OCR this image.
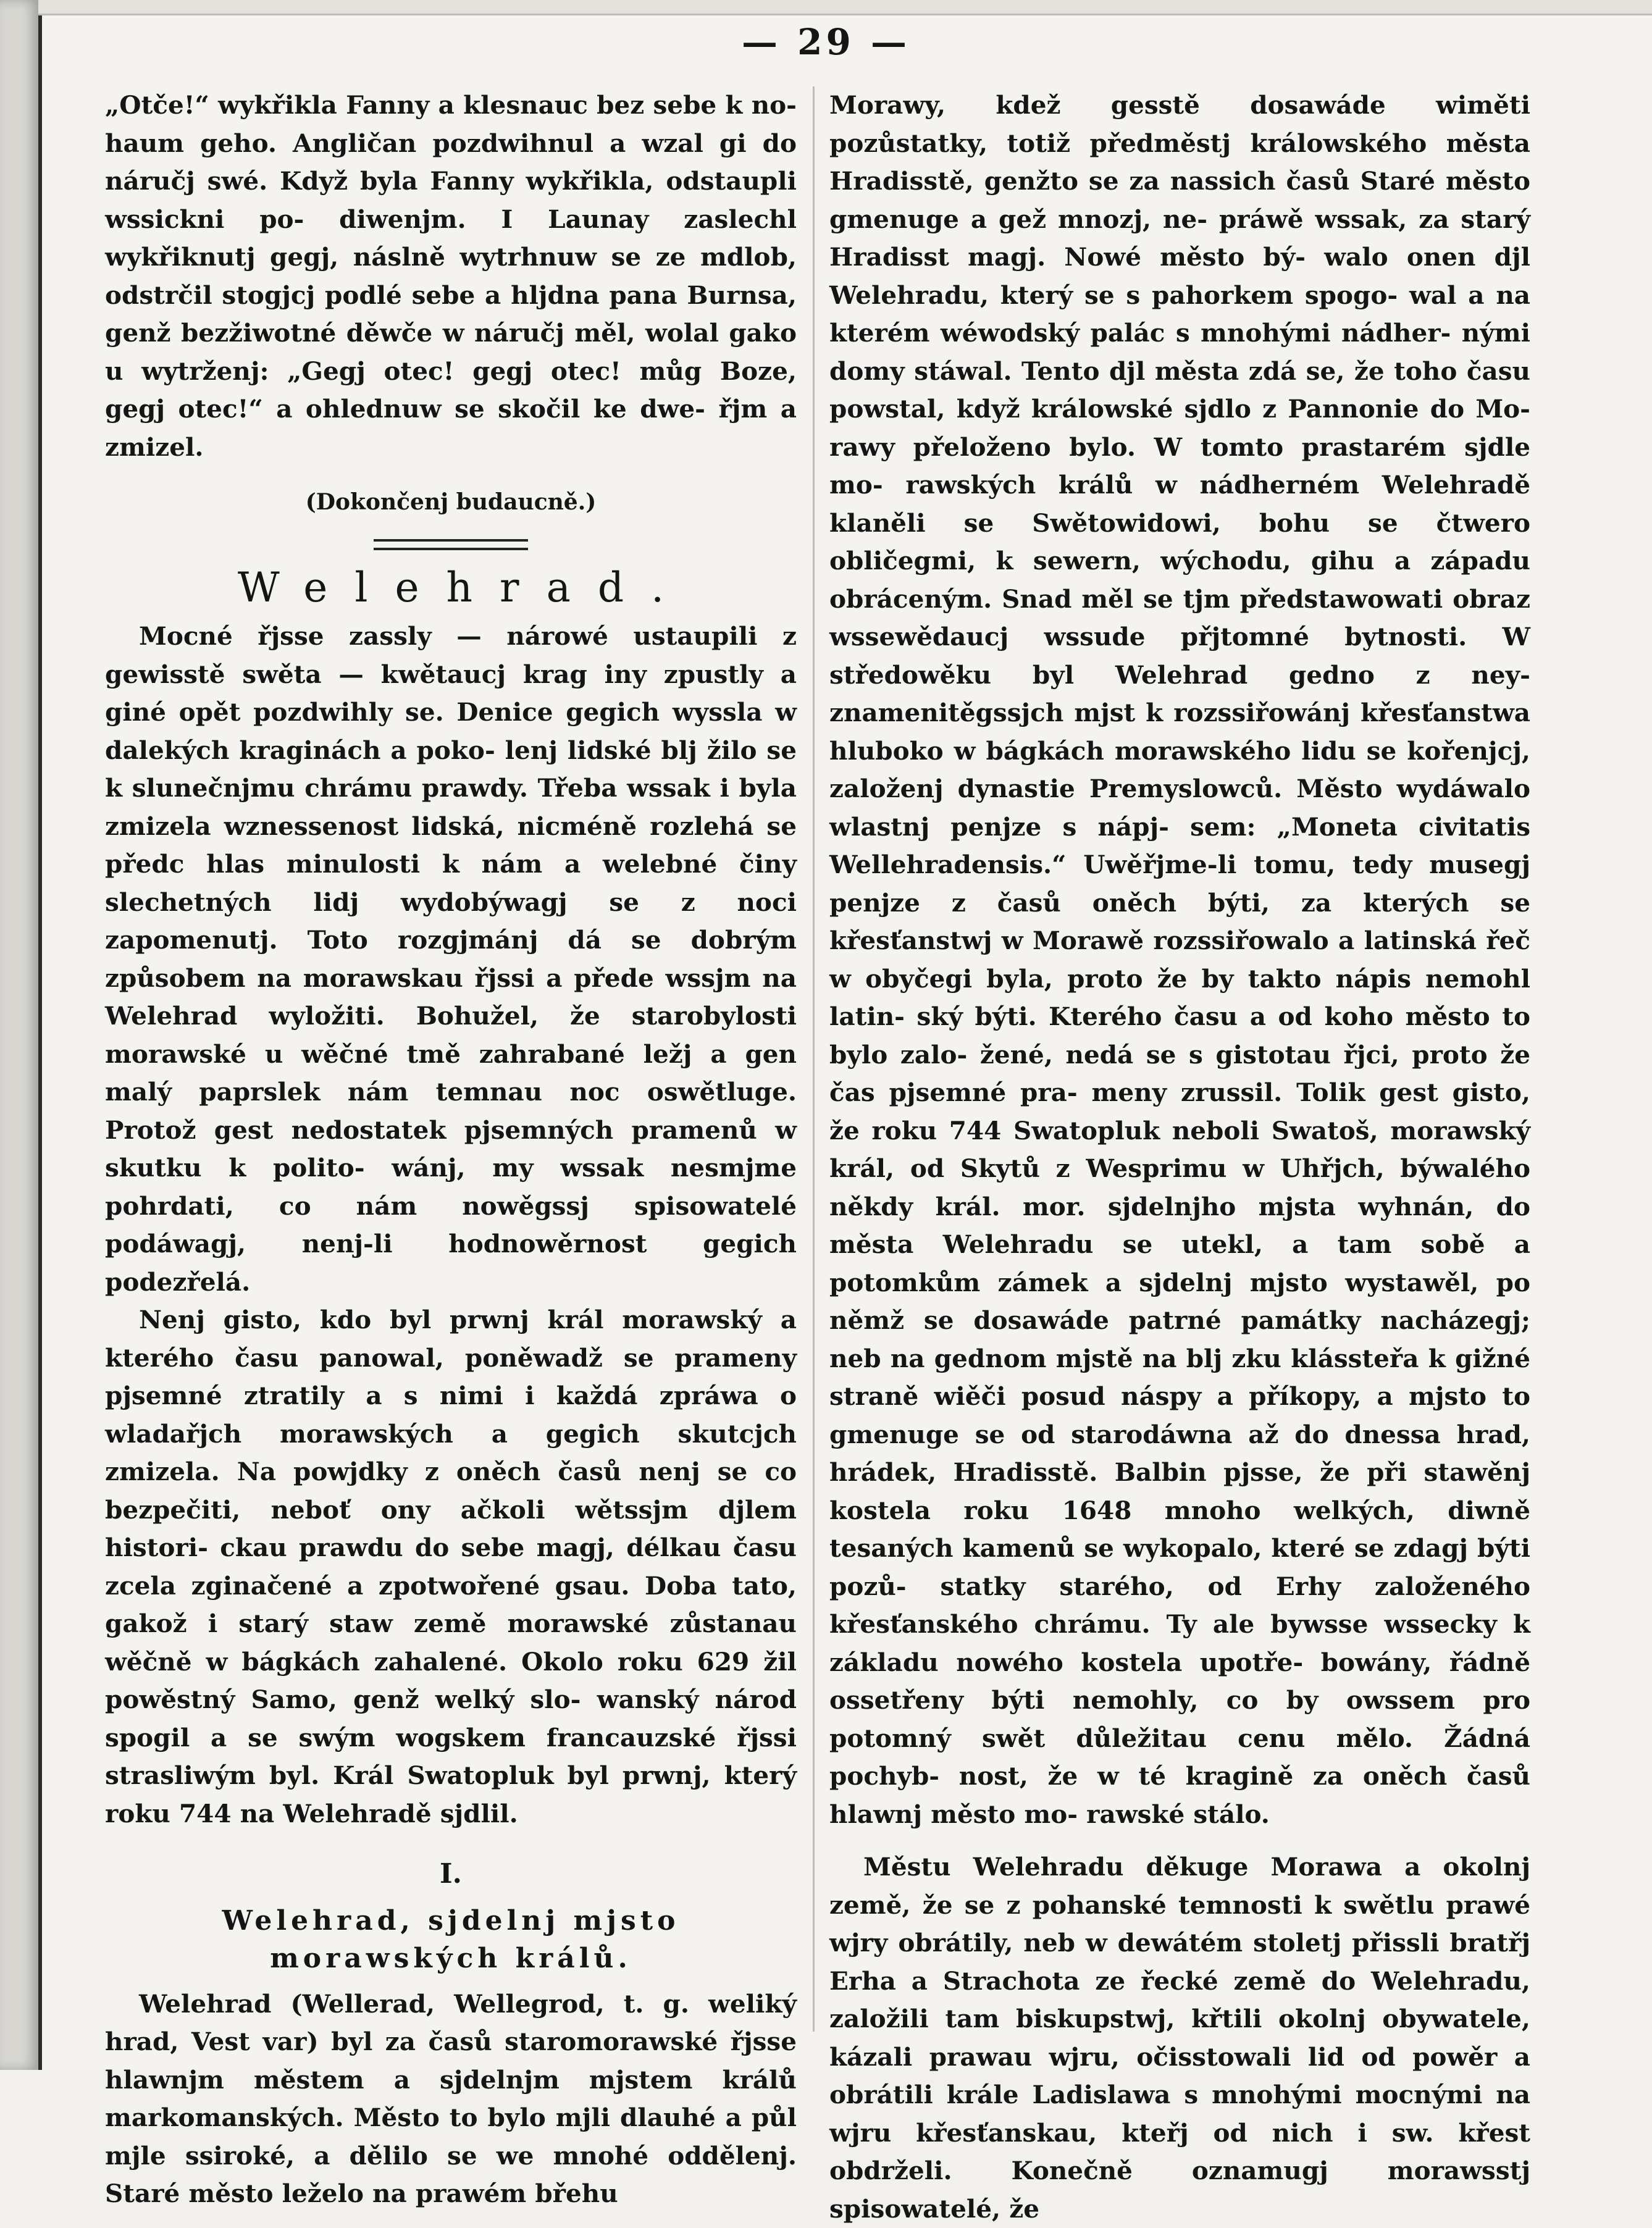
— 29 —

„Otče!“ wykřikla Fanny a klesnauc bez sebe k no- haum geho. Angličan pozdwihnul a wzal gi do náručj swé. Když byla Fanny wykřikla, odstaupli wssickni po- diwenjm. I Launay zaslechl wykřiknutj gegj, náslně wytrhnuw se ze mdlob, odstrčil stogjcj podlé sebe a hljdna pana Burnsa, genž bezžiwotné děwče w náručj měl, wolal gako u wytrženj: „Gegj otec! gegj otec! můg Boze, gegj otec!“ a ohlednuw se skočil ke dwe- řjm a zmizel.

(Dokončenj budaucně.)

Welehrad.

Mocné řjsse zassly — nárowé ustaupili z gewisstě swěta — kwětaucj krag iny zpustly a giné opět pozdwihly se. Denice gegich wyssla w dalekých kraginách a poko- lenj lidské blj žilo se k slunečnjmu chrámu prawdy. Třeba wssak i byla zmizela wznessenost lidská, nicméně rozlehá se předc hlas minulosti k nám a welebné činy slechetných lidj wydobýwagj se z noci zapomenutj. Toto rozgjmánj dá se dobrým způsobem na morawskau řjssi a přede wssjm na Welehrad wyložiti. Bohužel, že starobylosti morawské u wěčné tmě zahrabané ležj a gen malý paprslek nám temnau noc oswětluge. Protož gest nedostatek pjsemných pramenů w skutku k polito- wánj, my wssak nesmjme pohrdati, co nám nowěgssj spisowatelé podáwagj, nenj-li hodnowěrnost gegich podezřelá.

Nenj gisto, kdo byl prwnj král morawský a kterého času panowal, poněwadž se prameny pjsemné ztratily a s nimi i každá zpráwa o wladařjch morawských a gegich skutcjch zmizela. Na powjdky z oněch časů nenj se co bezpečiti, neboť ony ačkoli wětssjm djlem histori- ckau prawdu do sebe magj, délkau času zcela zginačené a zpotwořené gsau. Doba tato, gakož i starý staw země morawské zůstanau wěčně w bágkách zahalené. Okolo roku 629 žil powěstný Samo, genž welký slo- wanský národ spogil a se swým wogskem francauzské řjssi strasliwým byl. Král Swatopluk byl prwnj, který roku 744 na Welehradě sjdlil.

I.

Welehrad, sjdelnj mjsto morawských králů.

Welehrad (Wellerad, Wellegrod, t. g. weliký hrad, Vest var) byl za časů staromorawské řjsse hlawnjm městem a sjdelnjm mjstem králů markomanských. Město to bylo mjli dlauhé a půl mjle ssiroké, a dělilo se we mnohé oddělenj. Staré město leželo na prawém břehu

Morawy, kdež gesstě dosawáde wiměti pozůstatky, totiž předměstj králowského města Hradisstě, genžto se za nassich časů Staré město gmenuge a gež mnozj, ne- práwě wssak, za starý Hradisst magj. Nowé město bý- walo onen djl Welehradu, který se s pahorkem spogo- wal a na kterém wéwodský palác s mnohými nádher- nými domy stáwal. Tento djl města zdá se, že toho času powstal, když králowské sjdlo z Pannonie do Mo- rawy přeloženo bylo. W tomto prastarém sjdle mo- rawských králů w nádherném Welehradě klaněli se Swětowidowi, bohu se čtwero obličegmi, k sewern, wýchodu, gihu a západu obráceným. Snad měl se tjm předstawowati obraz wssewědaucj wssude přjtomné bytnosti. W středowěku byl Welehrad gedno z ney- znamenitěgssjch mjst k rozssiřowánj křesťanstwa hluboko w bágkách morawského lidu se kořenjcj, založenj dynastie Premyslowců. Město wydáwalo wlastnj penjze s nápj- sem: „Moneta civitatis Wellehradensis.“ Uwěřjme-li tomu, tedy musegj penjze z časů oněch býti, za kterých se křesťanstwj w Morawě rozssiřowalo a latinská řeč w obyčegi byla, proto že by takto nápis nemohl latin- ský býti. Kterého času a od koho město to bylo zalo- žené, nedá se s gistotau řjci, proto že čas pjsemné pra- meny zrussil. Tolik gest gisto, že roku 744 Swatopluk neboli Swatoš, morawský král, od Skytů z Wesprimu w Uhřjch, býwalého někdy král. mor. sjdelnjho mjsta wyhnán, do města Welehradu se utekl, a tam sobě a potomkům zámek a sjdelnj mjsto wystawěl, po němž se dosawáde patrné památky nacházegj; neb na gednom mjstě na blj zku klássteřa k gižné straně wiěči posud náspy a příkopy, a mjsto to gmenuge se od starodáwna až do dnessa hrad, hrádek, Hradisstě. Balbin pjsse, že při stawěnj kostela roku 1648 mnoho welkých, diwně tesaných kamenů se wykopalo, které se zdagj býti pozů- statky starého, od Erhy založeného křesťanského chrámu. Ty ale bywsse wssecky k základu nowého kostela upotře- bowány, řádně ossetřeny býti nemohly, co by owssem pro potomný swět důležitau cenu mělo. Žádná pochyb- nost, že w té kragině za oněch časů hlawnj město mo- rawské stálo.

Městu Welehradu děkuge Morawa a okolnj země, že se z pohanské temnosti k swětlu prawé wjry obrátily, neb w dewátém stoletj přissli bratřj Erha a Strachota ze řecké země do Welehradu, založili tam biskupstwj, křtili okolnj obywatele, kázali prawau wjru, očisstowali lid od powěr a obrátili krále Ladislawa s mnohými mocnými na wjru křesťanskau, kteřj od nich i sw. křest obdrželi. Konečně oznamugj morawsstj spisowatelé, že
